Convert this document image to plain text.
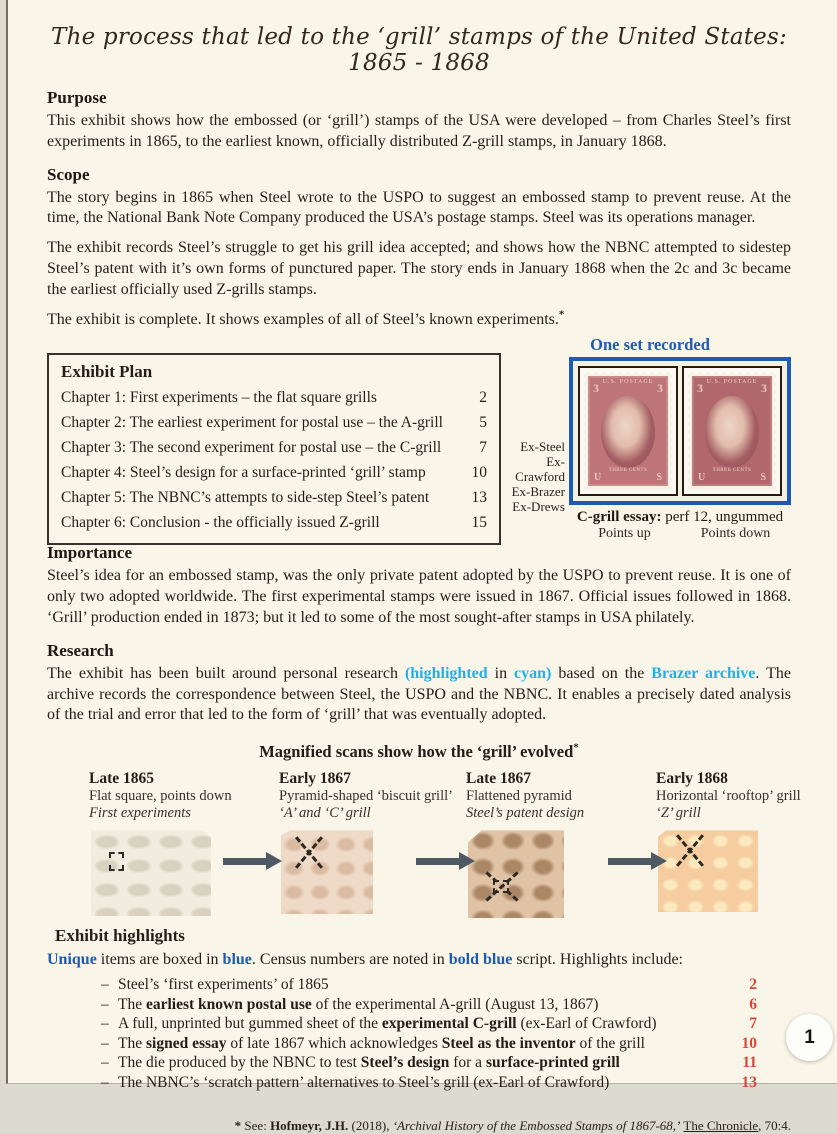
The process that led to the ‘grill’ stamps of the United States: 1865 - 1868
Purpose

This exhibit shows how the embossed (or ‘grill’) stamps of the USA were developed – from Charles Steel’s first experiments in 1865, to the earliest known, officially distributed Z-grill stamps, in January 1868.

Scope

The story begins in 1865 when Steel wrote to the USPO to suggest an embossed stamp to prevent reuse. At the time, the National Bank Note Company produced the USA’s postage stamps. Steel was its operations manager.

The exhibit records Steel’s struggle to get his grill idea accepted; and shows how the NBNC attempted to sidestep Steel’s patent with it’s own forms of punctured paper. The story ends in January 1868 when the 2c and 3c became the earliest officially used Z-grills stamps.

The exhibit is complete. It shows examples of all of Steel’s known experiments.*

Exhibit Plan
Chapter 1: First experiments – the flat square grills	2
Chapter 2: The earliest experiment for postal use – the A-grill	5
Chapter 3: The second experiment for postal use – the C-grill	7
Chapter 4: Steel’s design for a surface-printed ‘grill’ stamp	10
Chapter 5: The NBNC’s attempts to side-step Steel’s patent	13
Chapter 6: Conclusion - the officially issued Z-grill	15
One set recorded
3	3
U.S. POSTAGE
THREE CENTS
U	S
3	3
U.S. POSTAGE
THREE CENTS
U	S
Ex-Steel
Ex-Crawford
Ex-Brazer
Ex-Drews
C-grill essay: perf 12, ungummed
Points up	Points down
Importance

Steel’s idea for an embossed stamp, was the only private patent adopted by the USPO to prevent reuse. It is one of only two adopted worldwide. The first experimental stamps were issued in 1867. Official issues followed in 1868. ‘Grill’ production ended in 1873; but it led to some of the most sought-after stamps in USA philately.

Research

The exhibit has been built around personal research (highlighted in cyan) based on the Brazer archive. The archive records the correspondence between Steel, the USPO and the NBNC. It enables a precisely dated analysis of the trial and error that led to the form of ‘grill’ that was eventually adopted.

Magnified scans show how the ‘grill’ evolved*
Late 1865
Flat square, points down
First experiments
Early 1867
Pyramid-shaped ‘biscuit grill’
‘A’ and ‘C’ grill
Late 1867
Flattened pyramid
Steel’s patent design
Early 1868
Horizontal ‘rooftop’ grill
‘Z’ grill
Exhibit highlights
Unique items are boxed in blue. Census numbers are noted in bold blue script. Highlights include:
– Steel’s ‘first experiments’ of 1865	2
– The earliest known postal use of the experimental A-grill (August 13, 1867)	6
– A full, unprinted but gummed sheet of the experimental C-grill (ex-Earl of Crawford)	7
– The signed essay of late 1867 which acknowledges Steel as the inventor of the grill	10
– The die produced by the NBNC to test Steel’s design for a surface-printed grill	11
– The NBNC’s ‘scratch pattern’ alternatives to Steel’s grill (ex-Earl of Crawford)	13
* See: Hofmeyr, J.H. (2018), ‘Archival History of the Embossed Stamps of 1867-68,’ The Chronicle, 70:4.
1
